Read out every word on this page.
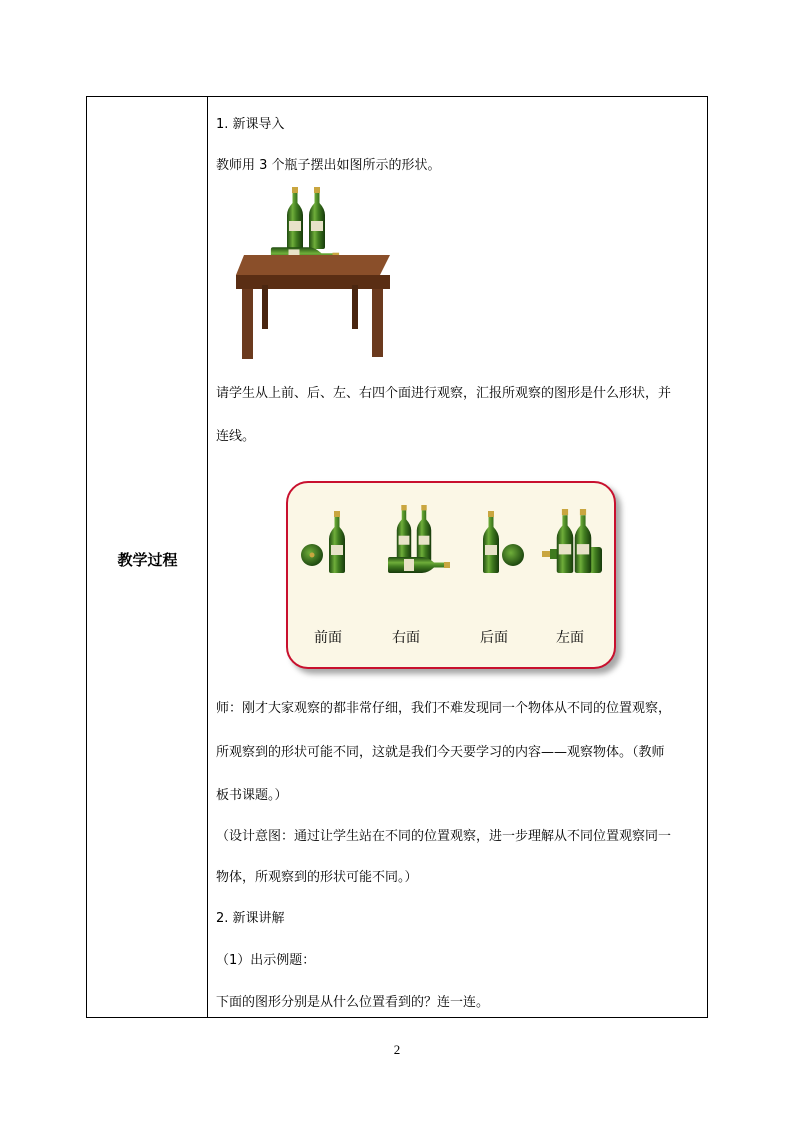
教学过程
1. 新课导入
教师用 3 个瓶子摆出如图所示的形状。
请学生从上前、后、左、右四个面进行观察，汇报所观察的图形是什么形状，并
连线。
前面	右面	后面	左面
师：刚才大家观察的都非常仔细，我们不难发现同一个物体从不同的位置观察，
所观察到的形状可能不同，这就是我们今天要学习的内容——观察物体。（教师
板书课题。）
（设计意图：通过让学生站在不同的位置观察，进一步理解从不同位置观察同一
物体，所观察到的形状可能不同。）
2. 新课讲解
（1）出示例题：
下面的图形分别是从什么位置看到的？连一连。
2
